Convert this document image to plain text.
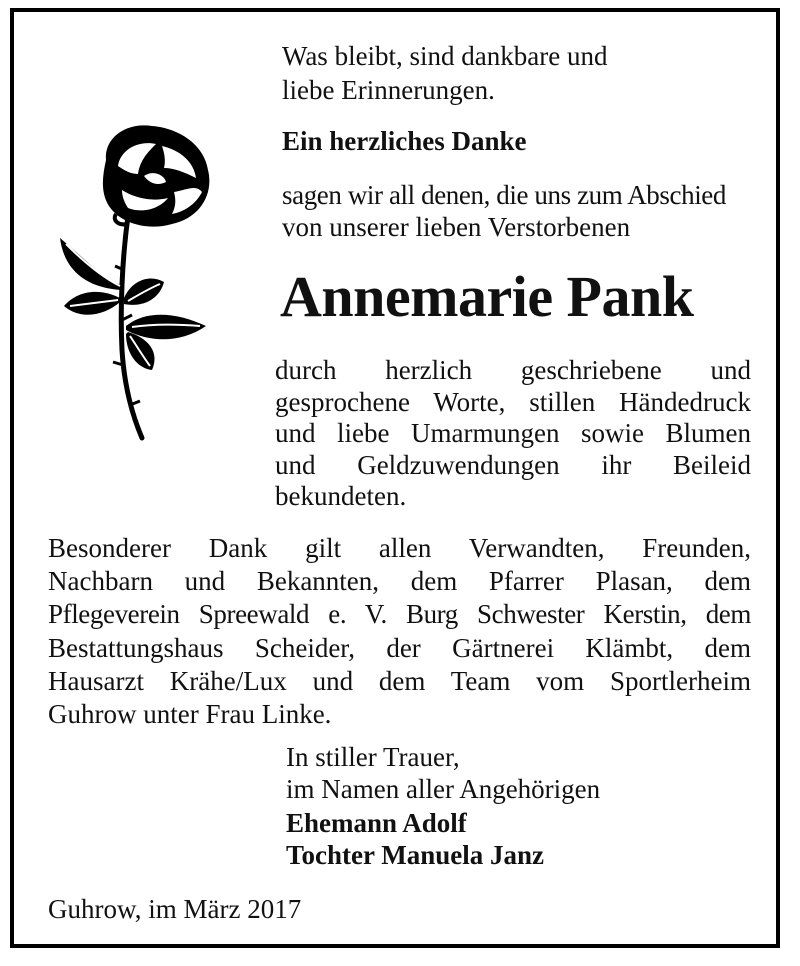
Was bleibt, sind dankbare und
liebe Erinnerungen.
Ein herzliches Danke
sagen wir all denen, die uns zum Abschied
von unserer lieben Verstorbenen
Annemarie Pank
durch herzlich geschriebene und
gesprochene Worte, stillen Händedruck
und liebe Umarmungen sowie Blumen
und Geldzuwendungen ihr Beileid
bekundeten.
Besonderer Dank gilt allen Verwandten, Freunden,
Nachbarn und Bekannten, dem Pfarrer Plasan, dem
Pflegeverein Spreewald e. V. Burg Schwester Kerstin, dem
Bestattungshaus Scheider, der Gärtnerei Klämbt, dem
Hausarzt Krähe/Lux und dem Team vom Sportlerheim
Guhrow unter Frau Linke.
In stiller Trauer,
im Namen aller Angehörigen
Ehemann Adolf
Tochter Manuela Janz
Guhrow, im März 2017
